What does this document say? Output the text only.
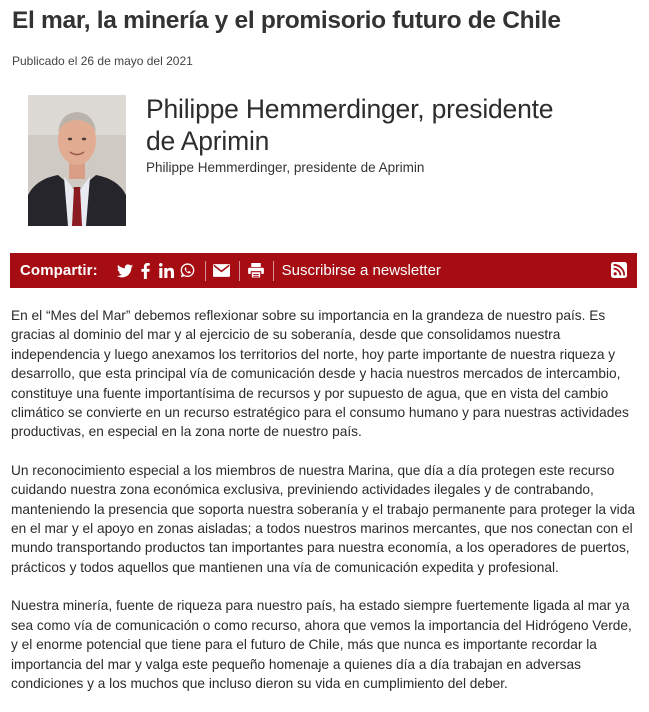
El mar, la minería y el promisorio futuro de Chile
Publicado el 26 de mayo del 2021
Philippe Hemmerdinger, presidente de Aprimin
Philippe Hemmerdinger, presidente de Aprimin
Compartir:	Suscribirse a newsletter

En el “Mes del Mar” debemos reflexionar sobre su importancia en la grandeza de nuestro país. Es gracias al dominio del mar y al ejercicio de su soberanía, desde que consolidamos nuestra independencia y luego anexamos los territorios del norte, hoy parte importante de nuestra riqueza y desarrollo, que esta principal vía de comunicación desde y hacia nuestros mercados de intercambio, constituye una fuente importantísima de recursos y por supuesto de agua, que en vista del cambio climático se convierte en un recurso estratégico para el consumo humano y para nuestras actividades productivas, en especial en la zona norte de nuestro país.

Un reconocimiento especial a los miembros de nuestra Marina, que día a día protegen este recurso cuidando nuestra zona económica exclusiva, previniendo actividades ilegales y de contrabando, manteniendo la presencia que soporta nuestra soberanía y el trabajo permanente para proteger la vida en el mar y el apoyo en zonas aisladas; a todos nuestros marinos mercantes, que nos conectan con el mundo transportando productos tan importantes para nuestra economía, a los operadores de puertos, prácticos y todos aquellos que mantienen una vía de comunicación expedita y profesional.

Nuestra minería, fuente de riqueza para nuestro país, ha estado siempre fuertemente ligada al mar ya sea como vía de comunicación o como recurso, ahora que vemos la importancia del Hidrógeno Verde, y el enorme potencial que tiene para el futuro de Chile, más que nunca es importante recordar la importancia del mar y valga este pequeño homenaje a quienes día a día trabajan en adversas condiciones y a los muchos que incluso dieron su vida en cumplimiento del deber.
